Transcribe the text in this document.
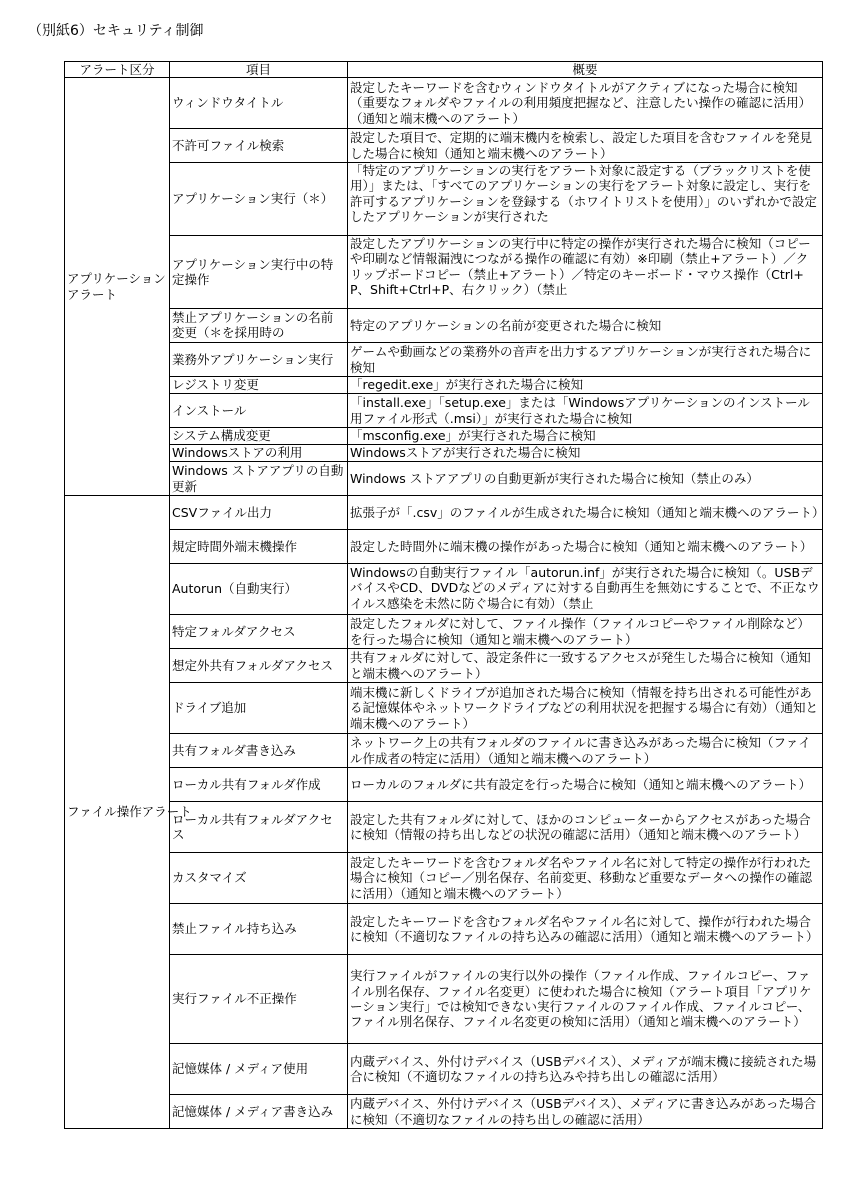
（別紙6）セキュリティ制御
アラート区分	項目	概要

アプリケーションアラート	ウィンドウタイトル	設定したキーワードを含むウィンドウタイトルがアクティブになった場合に検知（重要なフォルダやファイルの利用頻度把握など、注意したい操作の確認に活用）（通知と端末機へのアラート）
	不許可ファイル検索	設定した項目で、定期的に端末機内を検索し、設定した項目を含むファイルを発見した場合に検知（通知と端末機へのアラート）
	アプリケーション実行（＊）	「特定のアプリケーションの実行をアラート対象に設定する（ブラックリストを使用）」または、「すべてのアプリケーションの実行をアラート対象に設定し、実行を許可するアプリケーションを登録する（ホワイトリストを使用）」のいずれかで設定したアプリケーションが実行された

	アプリケーション実行中の特定操作	設定したアプリケーションの実行中に特定の操作が実行された場合に検知（コピーや印刷など情報漏洩につながる操作の確認に有効）※印刷（禁止+アラート）／クリップボードコピー（禁止+アラート）／特定のキーボード・マウス操作（Ctrl+P、Shift+Ctrl+P、右クリック）（禁止

	禁止アプリケーションの名前変更（＊を採用時の	特定のアプリケーションの名前が変更された場合に検知
	業務外アプリケーション実行	ゲームや動画などの業務外の音声を出力するアプリケーションが実行された場合に検知
	レジストリ変更	「regedit.exe」が実行された場合に検知
	インストール	「install.exe」「setup.exe」または「Windowsアプリケーションのインストール用ファイル形式（.msi）」が実行された場合に検知
	システム構成変更	「msconfig.exe」が実行された場合に検知
	Windowsストアの利用	Windowsストアが実行された場合に検知
	Windows ストアアプリの自動更新	Windows ストアアプリの自動更新が実行された場合に検知（禁止のみ）

ファイル操作アラート	CSVファイル出力	拡張子が「.csv」のファイルが生成された場合に検知（通知と端末機へのアラート）
	規定時間外端末機操作	設定した時間外に端末機の操作があった場合に検知（通知と端末機へのアラート）
	Autorun（自動実行）	Windowsの自動実行ファイル「autorun.inf」が実行された場合に検知（。USBデバイスやCD、DVDなどのメディアに対する自動再生を無効にすることで、不正なウイルス感染を未然に防ぐ場合に有効）（禁止

	特定フォルダアクセス	設定したフォルダに対して、ファイル操作（ファイルコピーやファイル削除など）を行った場合に検知（通知と端末機へのアラート）
	想定外共有フォルダアクセス	共有フォルダに対して、設定条件に一致するアクセスが発生した場合に検知（通知と端末機へのアラート）
	ドライブ追加	端末機に新しくドライブが追加された場合に検知（情報を持ち出される可能性がある記憶媒体やネットワークドライブなどの利用状況を把握する場合に有効）（通知と端末機へのアラート）
	共有フォルダ書き込み	ネットワーク上の共有フォルダのファイルに書き込みがあった場合に検知（ファイル作成者の特定に活用）（通知と端末機へのアラート）
	ローカル共有フォルダ作成	ローカルのフォルダに共有設定を行った場合に検知（通知と端末機へのアラート）
	ローカル共有フォルダアクセス	設定した共有フォルダに対して、ほかのコンピューターからアクセスがあった場合に検知（情報の持ち出しなどの状況の確認に活用）（通知と端末機へのアラート）
	カスタマイズ	設定したキーワードを含むフォルダ名やファイル名に対して特定の操作が行われた場合に検知（コピー／別名保存、名前変更、移動など重要なデータへの操作の確認に活用）（通知と端末機へのアラート）
	禁止ファイル持ち込み	設定したキーワードを含むフォルダ名やファイル名に対して、操作が行われた場合に検知（不適切なファイルの持ち込みの確認に活用）（通知と端末機へのアラート）
	実行ファイル不正操作	実行ファイルがファイルの実行以外の操作（ファイル作成、ファイルコピー、ファイル別名保存、ファイル名変更）に使われた場合に検知（アラート項目「アプリケーション実行」では検知できない実行ファイルのファイル作成、ファイルコピー、ファイル別名保存、ファイル名変更の検知に活用）（通知と端末機へのアラート）
	記憶媒体 / メディア使用	内蔵デバイス、外付けデバイス（USBデバイス）、メディアが端末機に接続された場合に検知（不適切なファイルの持ち込みや持ち出しの確認に活用）
	記憶媒体 / メディア書き込み	内蔵デバイス、外付けデバイス（USBデバイス）、メディアに書き込みがあった場合に検知（不適切なファイルの持ち出しの確認に活用）
